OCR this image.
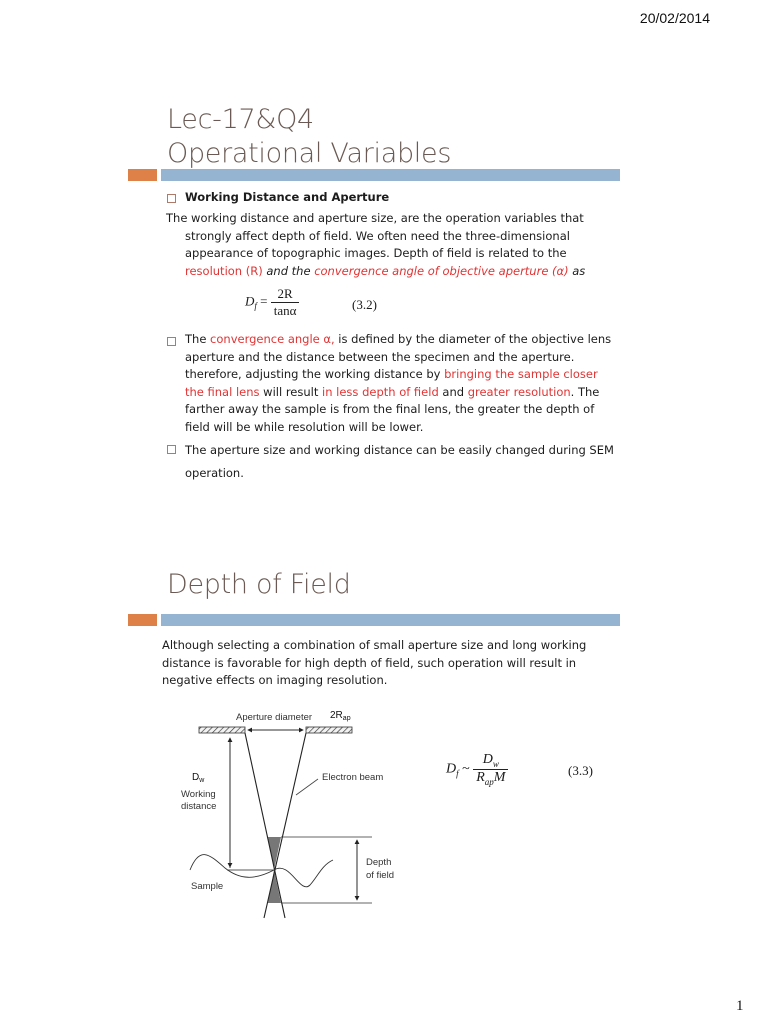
20/02/2014
Lec-17&Q4
Operational Variables
Working Distance and Aperture
The working distance and aperture size, are the operation variables that strongly affect depth of field. We often need the three-dimensional appearance of topographic images. Depth of field is related to the resolution (R) and the convergence angle of objective aperture (α) as
$D_f = \frac{2R}{\tan\alpha}$	(3.2)
The convergence angle α, is defined by the diameter of the objective lens aperture and the distance between the specimen and the aperture. therefore, adjusting the working distance by bringing the sample closer the final lens will result in less depth of field and greater resolution. The farther away the sample is from the final lens, the greater the depth of field will be while resolution will be lower.
The aperture size and working distance can be easily changed during SEM operation.
Depth of Field
Although selecting a combination of small aperture size and long working distance is favorable for high depth of field, such operation will result in negative effects on imaging resolution.
Aperture diameter $2R_{ap}$
Electron beam
$D_w$
Working
distance
Sample
Depth
of field
$D_f$ ~ $\frac{D_w}{R_{ap}M}$	(3.3)
1
